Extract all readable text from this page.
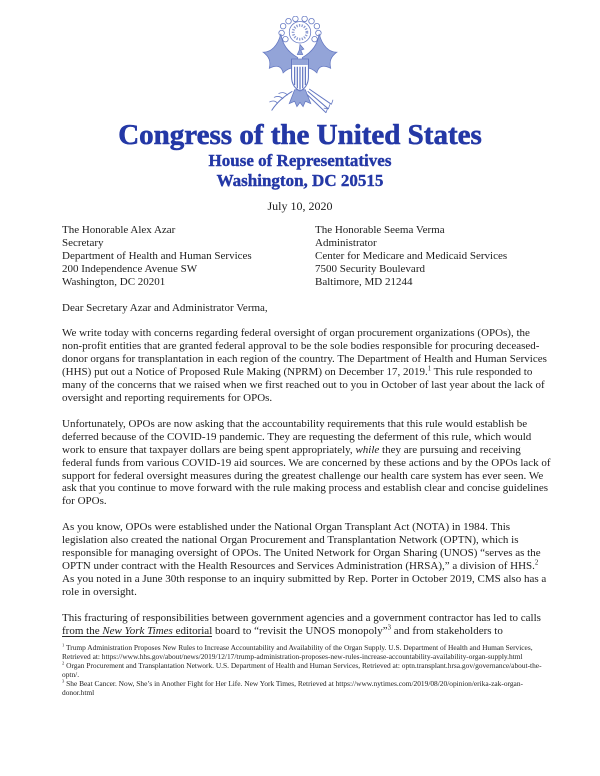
Congress of the United States
House of Representatives
Washington, DC 20515
July 10, 2020
The Honorable Alex Azar
Secretary
Department of Health and Human Services
200 Independence Avenue SW
Washington, DC 20201
The Honorable Seema Verma
Administrator
Center for Medicare and Medicaid Services
7500 Security Boulevard
Baltimore, MD 21244

Dear Secretary Azar and Administrator Verma,

We write today with concerns regarding federal oversight of organ procurement organizations (OPOs), the non-profit entities that are granted federal approval to be the sole bodies responsible for procuring deceased-donor organs for transplantation in each region of the country. The Department of Health and Human Services (HHS) put out a Notice of Proposed Rule Making (NPRM) on December 17, 2019.$^1$ This rule responded to many of the concerns that we raised when we first reached out to you in October of last year about the lack of oversight and reporting requirements for OPOs.

Unfortunately, OPOs are now asking that the accountability requirements that this rule would establish be deferred because of the COVID-19 pandemic. They are requesting the deferment of this rule, which would work to ensure that taxpayer dollars are being spent appropriately, while they are pursuing and receiving federal funds from various COVID-19 aid sources. We are concerned by these actions and by the OPOs lack of support for federal oversight measures during the greatest challenge our health care system has ever seen. We ask that you continue to move forward with the rule making process and establish clear and concise guidelines for OPOs.

As you know, OPOs were established under the National Organ Transplant Act (NOTA) in 1984. This legislation also created the national Organ Procurement and Transplantation Network (OPTN), which is responsible for managing oversight of OPOs. The United Network for Organ Sharing (UNOS) “serves as the OPTN under contract with the Health Resources and Services Administration (HRSA),” a division of HHS.$^2$ As you noted in a June 30th response to an inquiry submitted by Rep. Porter in October 2019, CMS also has a role in oversight.

This fracturing of responsibilities between government agencies and a government contractor has led to calls from the New York Times editorial board to “revisit the UNOS monopoly”$^3$ and from stakeholders to

$^1$ Trump Administration Proposes New Rules to Increase Accountability and Availability of the Organ Supply. U.S. Department of Health and Human Services, Retrieved at: https://www.hhs.gov/about/news/2019/12/17/trump-administration-proposes-new-rules-increase-accountability-availability-organ-supply.html

$^2$ Organ Procurement and Transplantation Network. U.S. Department of Health and Human Services, Retrieved at: optn.transplant.hrsa.gov/governance/about-the-optn/.

$^3$ She Beat Cancer. Now, She’s in Another Fight for Her Life. New York Times, Retrieved at https://www.nytimes.com/2019/08/20/opinion/erika-zak-organ-donor.html
